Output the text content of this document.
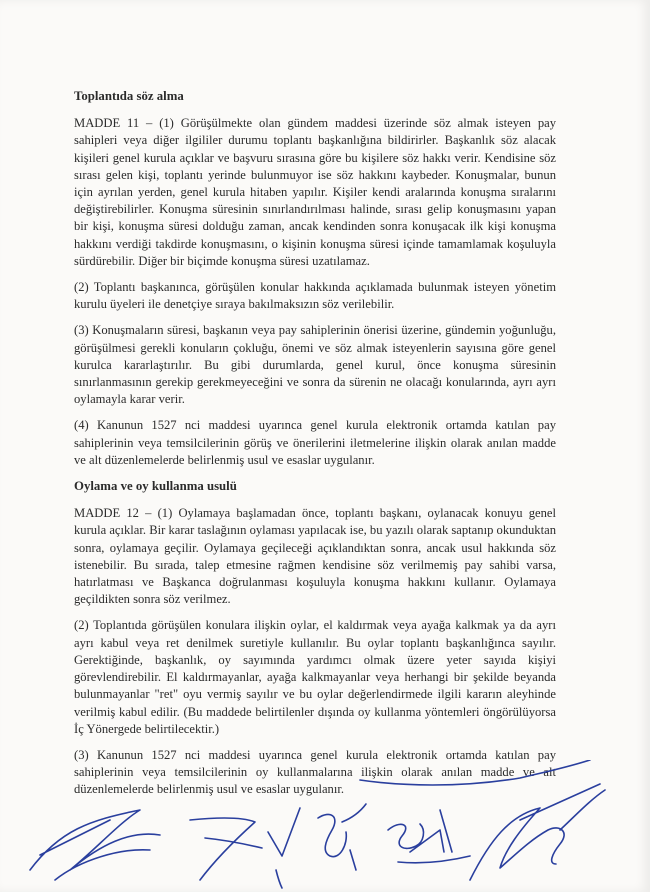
Toplantıda söz alma

MADDE 11 – (1) Görüşülmekte olan gündem maddesi üzerinde söz almak isteyen pay sahipleri veya diğer ilgililer durumu toplantı başkanlığına bildirirler. Başkanlık söz alacak kişileri genel kurula açıklar ve başvuru sırasına göre bu kişilere söz hakkı verir. Kendisine söz sırası gelen kişi, toplantı yerinde bulunmuyor ise söz hakkını kaybeder. Konuşmalar, bunun için ayrılan yerden, genel kurula hitaben yapılır. Kişiler kendi aralarında konuşma sıralarını değiştirebilirler. Konuşma süresinin sınırlandırılması halinde, sırası gelip konuşmasını yapan bir kişi, konuşma süresi dolduğu zaman, ancak kendinden sonra konuşacak ilk kişi konuşma hakkını verdiği takdirde konuşmasını, o kişinin konuşma süresi içinde tamamlamak koşuluyla sürdürebilir. Diğer bir biçimde konuşma süresi uzatılamaz.

(2) Toplantı başkanınca, görüşülen konular hakkında açıklamada bulunmak isteyen yönetim kurulu üyeleri ile denetçiye sıraya bakılmaksızın söz verilebilir.

(3) Konuşmaların süresi, başkanın veya pay sahiplerinin önerisi üzerine, gündemin yoğunluğu, görüşülmesi gerekli konuların çokluğu, önemi ve söz almak isteyenlerin sayısına göre genel kurulca kararlaştırılır. Bu gibi durumlarda, genel kurul, önce konuşma süresinin sınırlanmasının gerekip gerekmeyeceğini ve sonra da sürenin ne olacağı konularında, ayrı ayrı oylamayla karar verir.

(4) Kanunun 1527 nci maddesi uyarınca genel kurula elektronik ortamda katılan pay sahiplerinin veya temsilcilerinin görüş ve önerilerini iletmelerine ilişkin olarak anılan madde ve alt düzenlemelerde belirlenmiş usul ve esaslar uygulanır.

Oylama ve oy kullanma usulü

MADDE 12 – (1) Oylamaya başlamadan önce, toplantı başkanı, oylanacak konuyu genel kurula açıklar. Bir karar taslağının oylaması yapılacak ise, bu yazılı olarak saptanıp okunduktan sonra, oylamaya geçilir. Oylamaya geçileceği açıklandıktan sonra, ancak usul hakkında söz istenebilir. Bu sırada, talep etmesine rağmen kendisine söz verilmemiş pay sahibi varsa, hatırlatması ve Başkanca doğrulanması koşuluyla konuşma hakkını kullanır. Oylamaya geçildikten sonra söz verilmez.

(2) Toplantıda görüşülen konulara ilişkin oylar, el kaldırmak veya ayağa kalkmak ya da ayrı ayrı kabul veya ret denilmek suretiyle kullanılır. Bu oylar toplantı başkanlığınca sayılır. Gerektiğinde, başkanlık, oy sayımında yardımcı olmak üzere yeter sayıda kişiyi görevlendirebilir. El kaldırmayanlar, ayağa kalkmayanlar veya herhangi bir şekilde beyanda bulunmayanlar "ret" oyu vermiş sayılır ve bu oylar değerlendirmede ilgili kararın aleyhinde verilmiş kabul edilir. (Bu maddede belirtilenler dışında oy kullanma yöntemleri öngörülüyorsa İç Yönergede belirtilecektir.)

(3) Kanunun 1527 nci maddesi uyarınca genel kurula elektronik ortamda katılan pay sahiplerinin veya temsilcilerinin oy kullanmalarına ilişkin olarak anılan madde ve alt düzenlemelerde belirlenmiş usul ve esaslar uygulanır.
